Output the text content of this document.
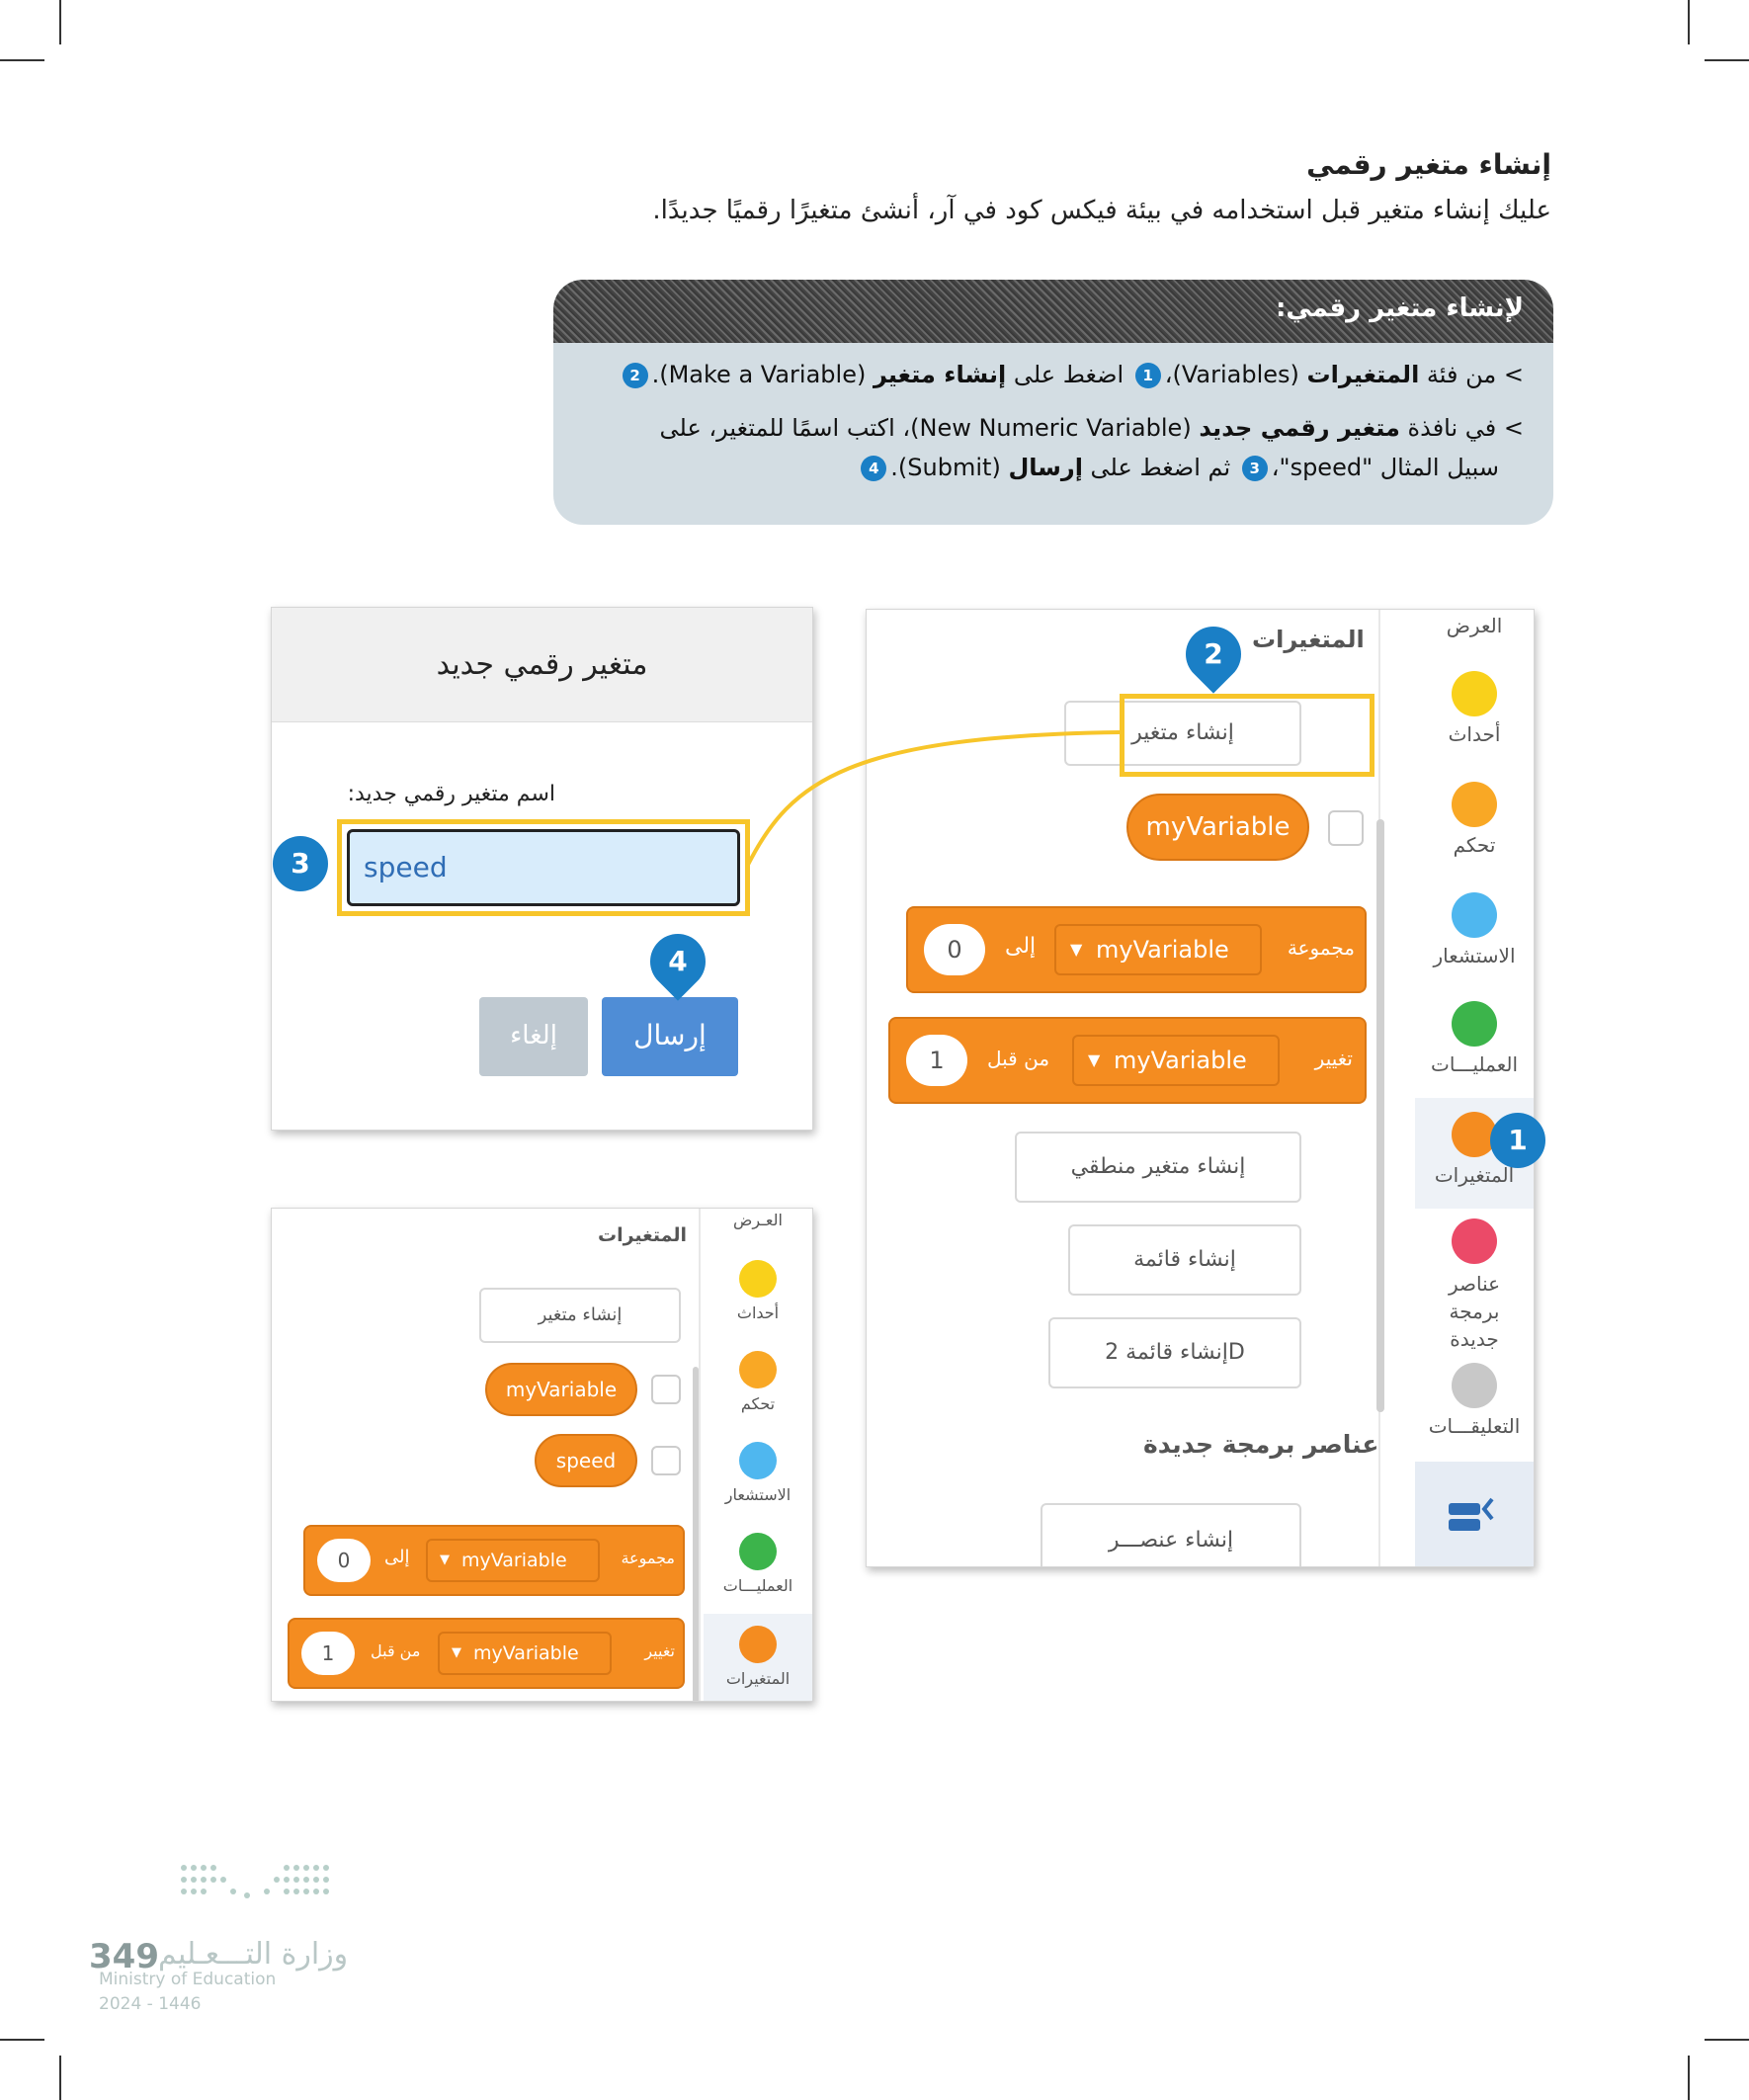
إنشاء متغير رقمي
عليك إنشاء متغير قبل استخدامه في بيئة فيكس كود في آر، أنشئ متغيرًا رقميًا جديدًا.
لإنشاء متغير رقمي:
> من فئة المتغيرات (Variables)،1 اضغط على إنشاء متغير (Make a Variable).2
> في نافذة متغير رقمي جديد (New Numeric Variable)، اكتب اسمًا للمتغير، على
سبيل المثال "speed"،3 ثم اضغط على إرسال (Submit).4
العرض
أحداث
تحكم
الاستشعار
العمليـــات
المتغيرات
عناصر برمجة جديدة
التعليقـــات
المتغيرات
إنشاء متغير
myVariable
مجموعة
▼ myVariable
إلى
0
تغيير
▼ myVariable
من قبل
1
إنشاء متغير منطقي
إنشاء قائمة
Dإنشاء قائمة 2
عناصر برمجة جديدة
إنشاء عنصـــر
متغير رقمي جديد
:اسم متغير رقمي جديد
speed
إلغاء	إرسال
العـرض
أحداث
تحكم
الاستشعار
العمليـــات
المتغيرات
المتغيرات
إنشاء متغير
myVariable
speed
مجموعة
▼ myVariable
إلى
0
تغيير
▼ myVariable
من قبل
1
1
2
3
4
وزارة التـــعـليم
349
Ministry of Education
2024 - 1446
